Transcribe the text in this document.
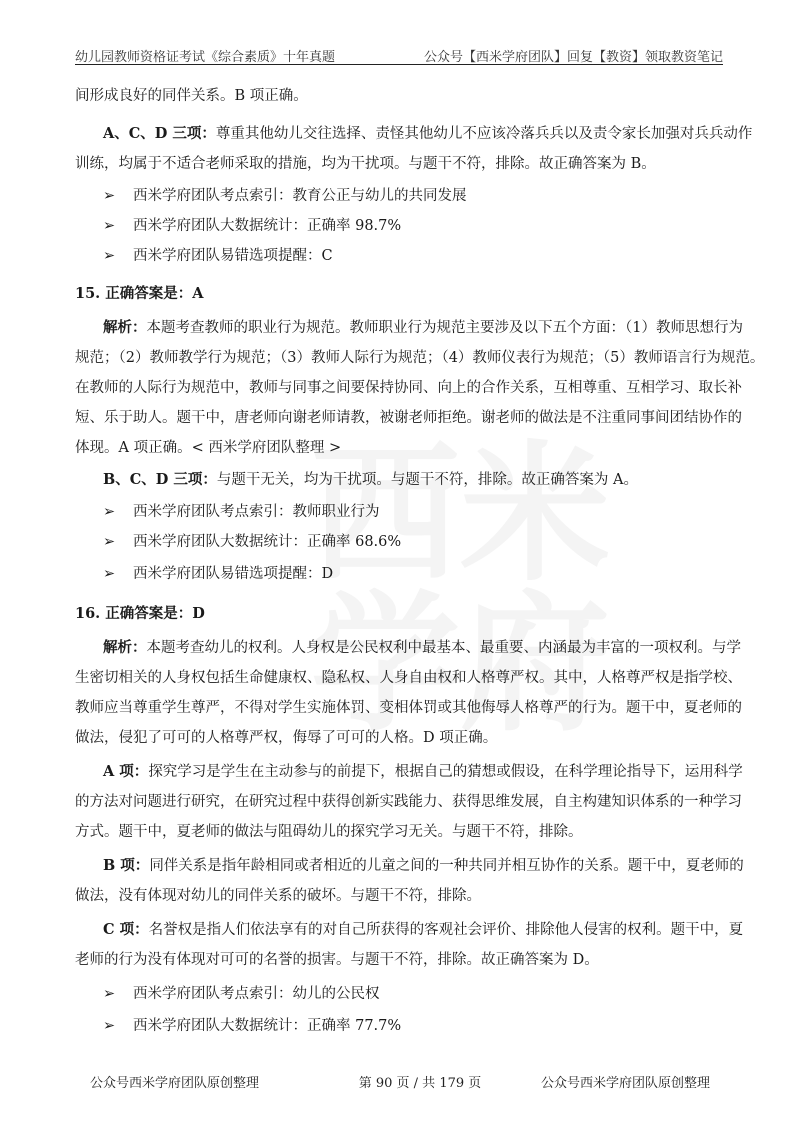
幼儿园教师资格证考试《综合素质》十年真题	公众号【西米学府团队】回复【教资】领取教资笔记
间形成良好的同伴关系。B 项正确。
A、C、D 三项：尊重其他幼儿交往选择、责怪其他幼儿不应该冷落兵兵以及责令家长加强对兵兵动作
训练，均属于不适合老师采取的措施，均为干扰项。与题干不符，排除。故正确答案为 B。
➢ 西米学府团队考点索引：教育公正与幼儿的共同发展
➢ 西米学府团队大数据统计：正确率 98.7%
➢ 西米学府团队易错选项提醒：C
15. 正确答案是：A
解析：本题考查教师的职业行为规范。教师职业行为规范主要涉及以下五个方面：（1）教师思想行为
规范；（2）教师教学行为规范；（3）教师人际行为规范；（4）教师仪表行为规范；（5）教师语言行为规范。
在教师的人际行为规范中，教师与同事之间要保持协同、向上的合作关系，互相尊重、互相学习、取长补
短、乐于助人。题干中，唐老师向谢老师请教，被谢老师拒绝。谢老师的做法是不注重同事间团结协作的
体现。A 项正确。< 西米学府团队整理 >
B、C、D 三项：与题干无关，均为干扰项。与题干不符，排除。故正确答案为 A。
➢ 西米学府团队考点索引：教师职业行为
➢ 西米学府团队大数据统计：正确率 68.6%
➢ 西米学府团队易错选项提醒：D
16. 正确答案是：D
解析：本题考查幼儿的权利。人身权是公民权利中最基本、最重要、内涵最为丰富的一项权利。与学
生密切相关的人身权包括生命健康权、隐私权、人身自由权和人格尊严权。其中，人格尊严权是指学校、
教师应当尊重学生尊严，不得对学生实施体罚、变相体罚或其他侮辱人格尊严的行为。题干中，夏老师的
做法，侵犯了可可的人格尊严权，侮辱了可可的人格。D 项正确。
A 项：探究学习是学生在主动参与的前提下，根据自己的猜想或假设，在科学理论指导下，运用科学
的方法对问题进行研究，在研究过程中获得创新实践能力、获得思维发展，自主构建知识体系的一种学习
方式。题干中，夏老师的做法与阻碍幼儿的探究学习无关。与题干不符，排除。
B 项：同伴关系是指年龄相同或者相近的儿童之间的一种共同并相互协作的关系。题干中，夏老师的
做法，没有体现对幼儿的同伴关系的破坏。与题干不符，排除。
C 项：名誉权是指人们依法享有的对自己所获得的客观社会评价、排除他人侵害的权利。题干中，夏
老师的行为没有体现对可可的名誉的损害。与题干不符，排除。故正确答案为 D。
➢ 西米学府团队考点索引：幼儿的公民权
➢ 西米学府团队大数据统计：正确率 77.7%
公众号西米学府团队原创整理	第 90 页 / 共 179 页	公众号西米学府团队原创整理
